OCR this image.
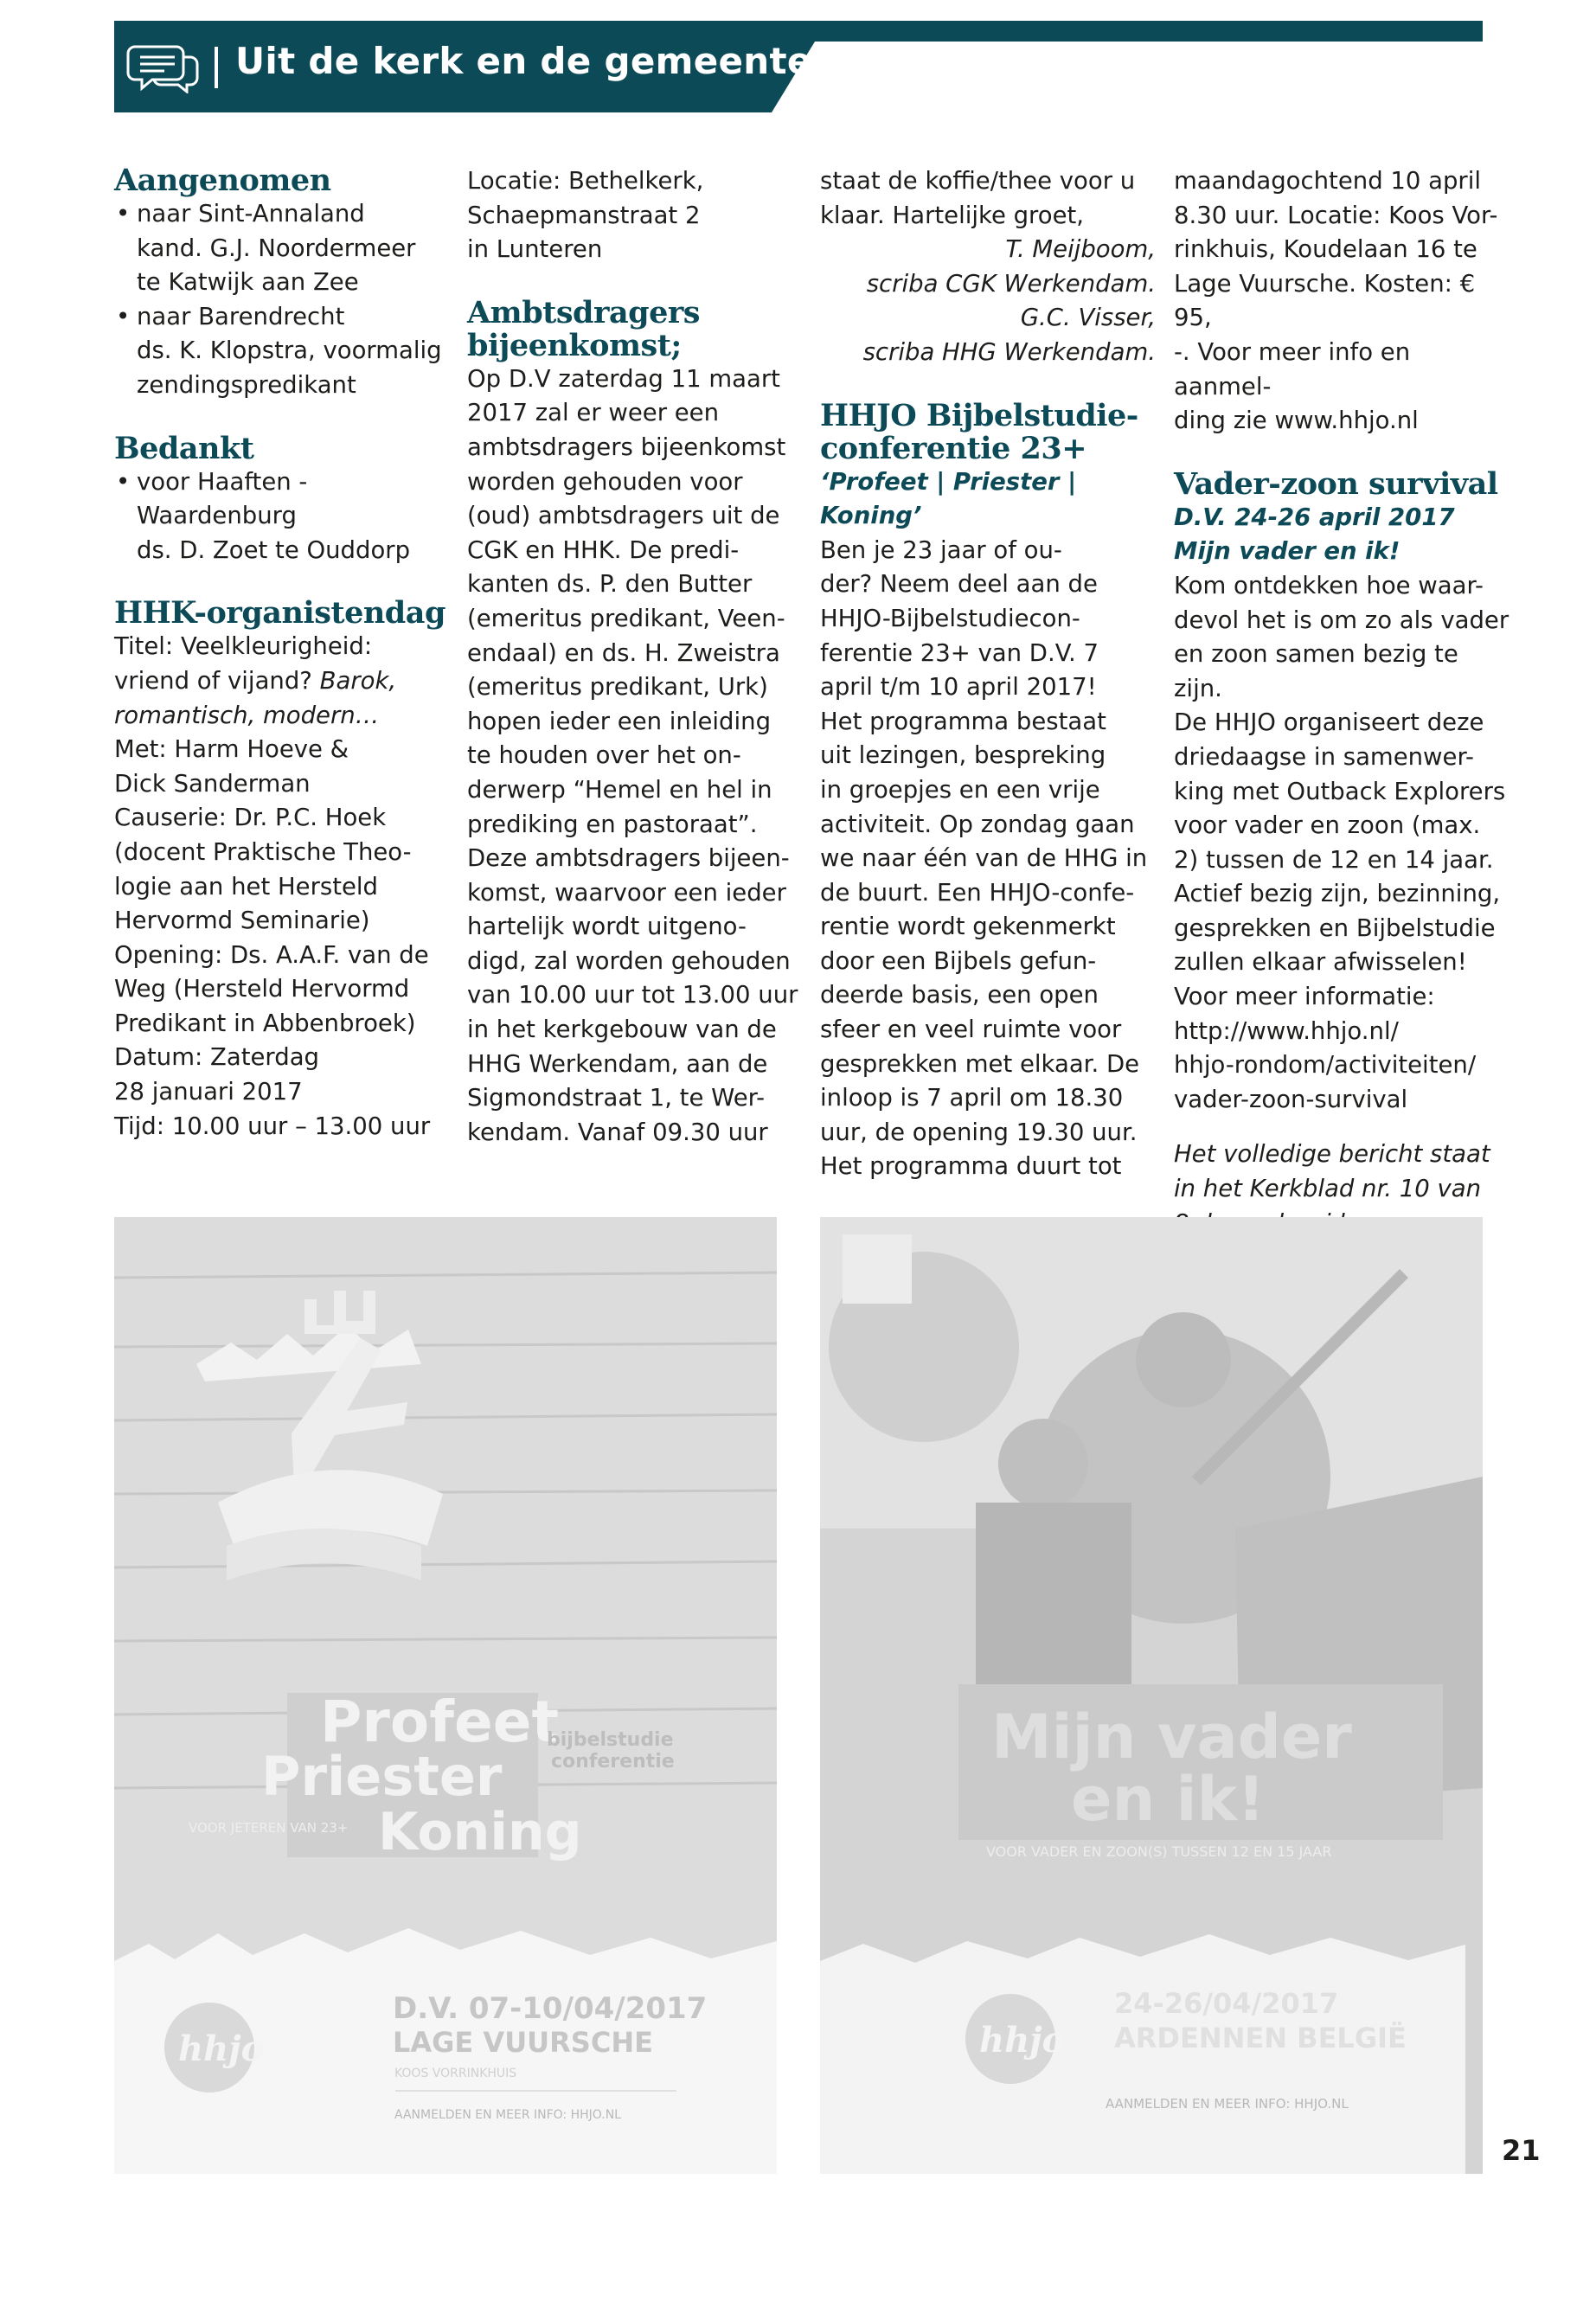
Uit de kerk en de gemeenten
Aangenomen

• naar Sint-Annaland

kand. G.J. Noordermeer

te Katwijk aan Zee

• naar Barendrecht

ds. K. Klopstra, voormalig

zendingspredikant

Bedankt

• voor Haaften -

Waardenburg

ds. D. Zoet te Ouddorp

HHK-organistendag

Titel: Veelkleurigheid:

vriend of vijand? Barok,

romantisch, modern…

Met: Harm Hoeve &

Dick Sanderman

Causerie: Dr. P.C. Hoek

(docent Praktische Theo-

logie aan het Hersteld

Hervormd Seminarie)

Opening: Ds. A.A.F. van de

Weg (Hersteld Hervormd

Predikant in Abbenbroek)

Datum: Zaterdag

28 januari 2017

Tijd: 10.00 uur – 13.00 uur

Locatie: Bethelkerk,

Schaepmanstraat 2

in Lunteren

Ambtsdragers
bijeenkomst;

Op D.V zaterdag 11 maart

2017 zal er weer een

ambtsdragers bijeenkomst

worden gehouden voor

(oud) ambtsdragers uit de

CGK en HHK. De predi-

kanten ds. P. den Butter

(emeritus predikant, Veen-

endaal) en ds. H. Zweistra

(emeritus predikant, Urk)

hopen ieder een inleiding

te houden over het on-

derwerp “Hemel en hel in

prediking en pastoraat”.

Deze ambtsdragers bijeen-

komst, waarvoor een ieder

hartelijk wordt uitgeno-

digd, zal worden gehouden

van 10.00 uur tot 13.00 uur

in het kerkgebouw van de

HHG Werkendam, aan de

Sigmondstraat 1, te Wer-

kendam. Vanaf 09.30 uur

staat de koffie/thee voor u

klaar. Hartelijke groet,

T. Meijboom,

scriba CGK Werkendam.

G.C. Visser,

scriba HHG Werkendam.

HHJO Bijbelstudie-
conferentie 23+

‘Profeet | Priester | Koning’

Ben je 23 jaar of ou-

der? Neem deel aan de

HHJO-Bijbelstudiecon-

ferentie 23+ van D.V. 7

april t/m 10 april 2017!

Het programma bestaat

uit lezingen, bespreking

in groepjes en een vrije

activiteit. Op zondag gaan

we naar één van de HHG in

de buurt. Een HHJO-confe-

rentie wordt gekenmerkt

door een Bijbels gefun-

deerde basis, een open

sfeer en veel ruimte voor

gesprekken met elkaar. De

inloop is 7 april om 18.30

uur, de opening 19.30 uur.

Het programma duurt tot

maandagochtend 10 april

8.30 uur. Locatie: Koos Vor-

rinkhuis, Koudelaan 16 te

Lage Vuursche. Kosten: € 95,

-. Voor meer info en aanmel-

ding zie www.hhjo.nl

Vader-zoon survival

D.V. 24-26 april 2017

Mijn vader en ik!

Kom ontdekken hoe waar-

devol het is om zo als vader

en zoon samen bezig te zijn.

De HHJO organiseert deze

driedaagse in samenwer-

king met Outback Explorers

voor vader en zoon (max.

2) tussen de 12 en 14 jaar.

Actief bezig zijn, bezinning,

gesprekken en Bijbelstudie

zullen elkaar afwisselen!

Voor meer informatie:

http://www.hhjo.nl/

hhjo-rondom/activiteiten/

vader-zoon-survival

Het volledige bericht staat

in het Kerkblad nr. 10 van

Profeet
Priester
Koning
VOOR JETEREN VAN 23+
bijbelstudie
conferentie
hhjo
D.V. 07-10/04/2017
LAGE VUURSCHE
KOOS VORRINKHUIS
AANMELDEN EN MEER INFO: HHJO.NL
Mijn vader
en ik!
VOOR VADER EN ZOON(S) TUSSEN 12 EN 15 JAAR
hhjo
24-26/04/2017
ARDENNEN BELGIË
AANMELDEN EN MEER INFO: HHJO.NL
21
